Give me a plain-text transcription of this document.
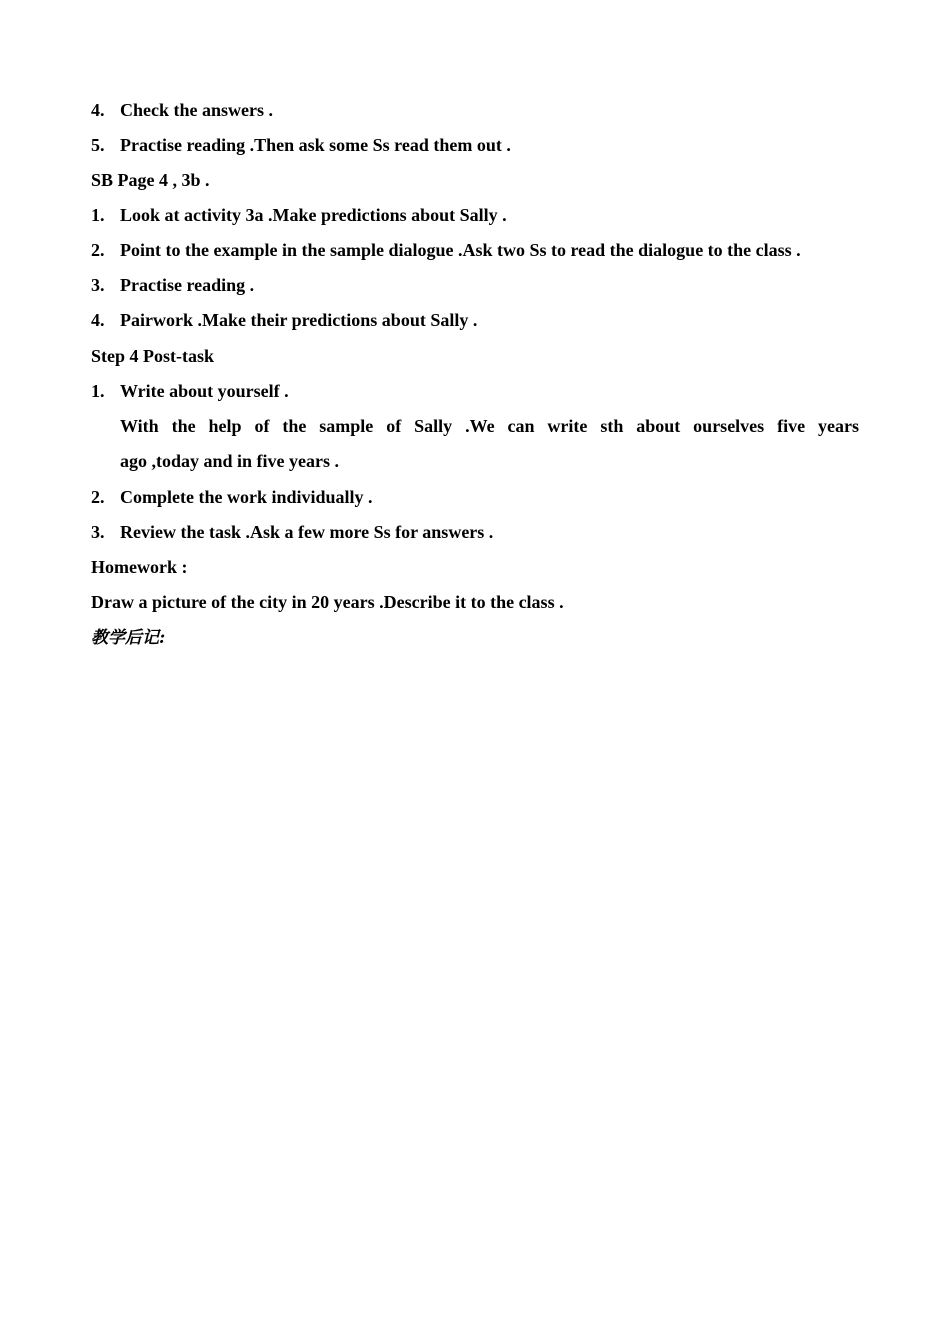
4. Check the answers .
5. Practise reading .Then ask some Ss read them out .
SB Page 4 , 3b .
1. Look at activity 3a .Make predictions about Sally .
2. Point to the example in the sample dialogue .Ask two Ss to read the dialogue to the class .
3. Practise reading .
4. Pairwork .Make their predictions about Sally .
Step 4 Post-task
1. Write about yourself .
With the help of the sample of Sally .We can write sth about ourselves five years
ago ,today and in five years .
2. Complete the work individually .
3. Review the task .Ask a few more Ss for answers .
Homework :
Draw a picture of the city in 20 years .Describe it to the class .
教学后记:
